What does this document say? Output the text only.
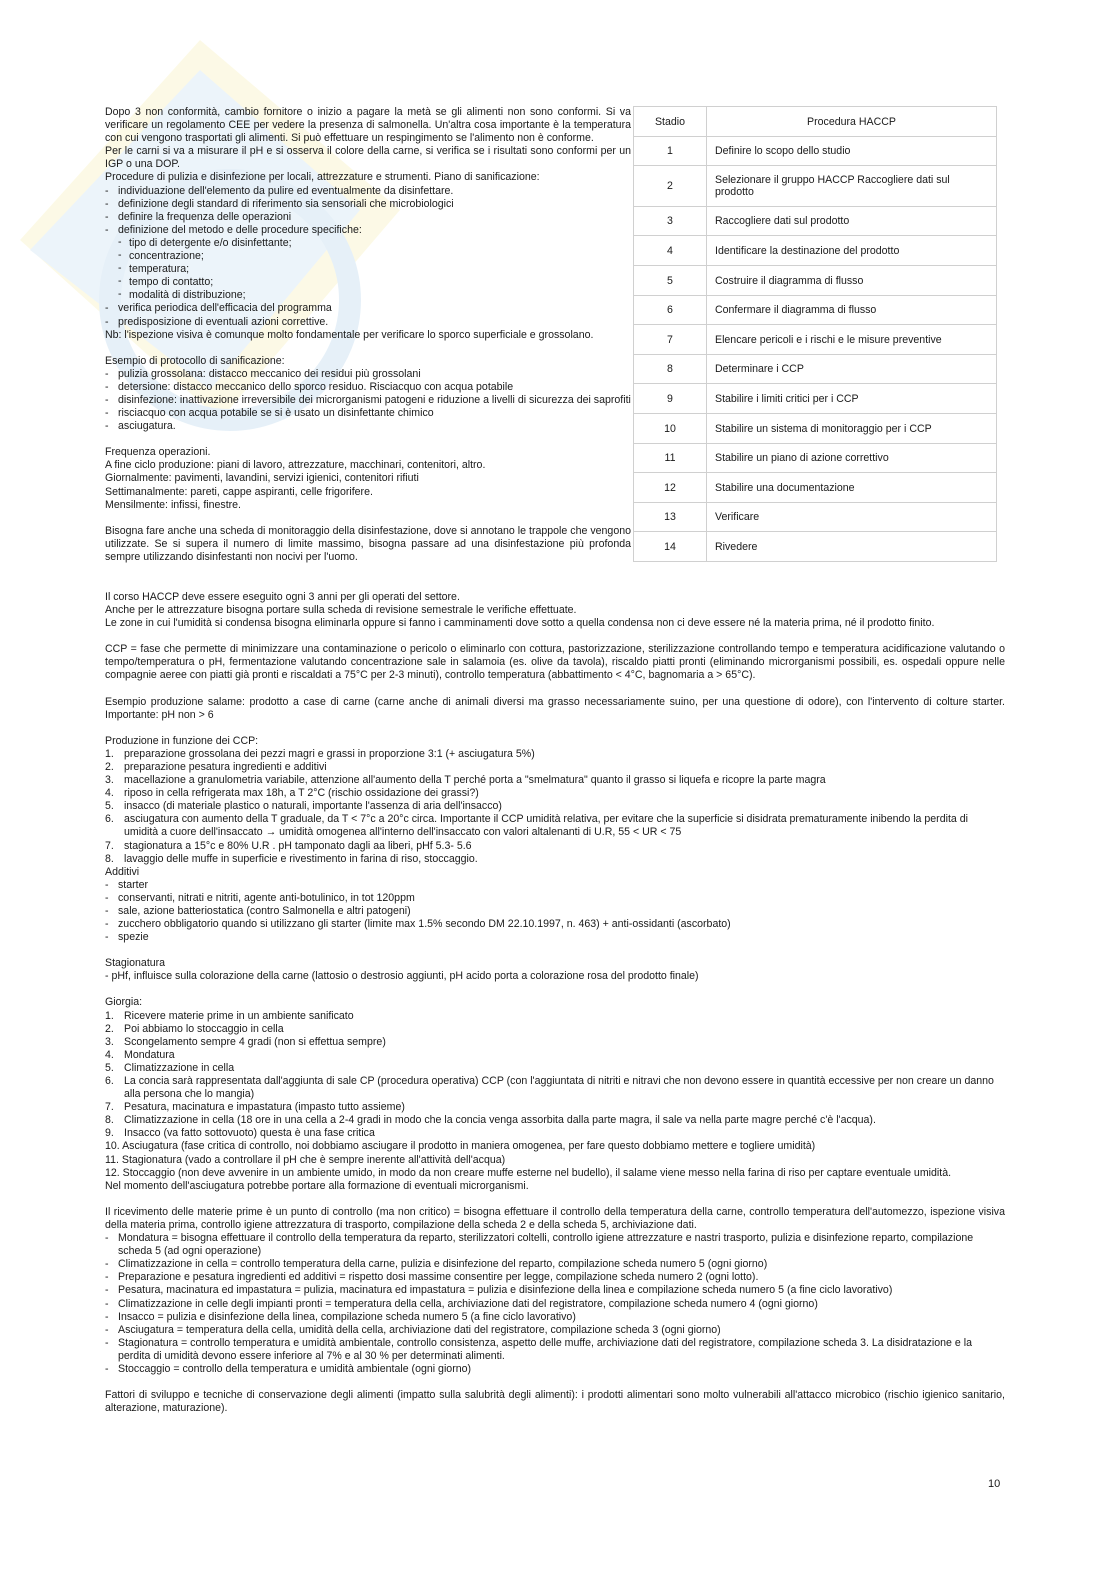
Dopo 3 non conformità, cambio fornitore o inizio a pagare la metà se gli alimenti non sono conformi. Si va verificare un regolamento CEE per vedere la presenza di salmonella. Un'altra cosa importante è la temperatura con cui vengono trasportati gli alimenti. Si può effettuare un respingimento se l'alimento non è conforme.

Per le carni si va a misurare il pH e si osserva il colore della carne, si verifica se i risultati sono conformi per un IGP o una DOP.

Procedure di pulizia e disinfezione per locali, attrezzature e strumenti. Piano di sanificazione:

- individuazione dell'elemento da pulire ed eventualmente da disinfettare.
- definizione degli standard di riferimento sia sensoriali che microbiologici
- definire la frequenza delle operazioni
- definizione del metodo e delle procedure specifiche:
- tipo di detergente e/o disinfettante;
- concentrazione;
- temperatura;
- tempo di contatto;
- modalità di distribuzione;
- verifica periodica dell'efficacia del programma
- predisposizione di eventuali azioni correttive.

Nb: l'ispezione visiva è comunque molto fondamentale per verificare lo sporco superficiale e grossolano.

Esempio di protocollo di sanificazione:

- pulizia grossolana: distacco meccanico dei residui più grossolani
- detersione: distacco meccanico dello sporco residuo. Risciacquo con acqua potabile
- disinfezione: inattivazione irreversibile dei microrganismi patogeni e riduzione a livelli di sicurezza dei saprofiti
- risciacquo con acqua potabile se si è usato un disinfettante chimico
- asciugatura.

Frequenza operazioni.

A fine ciclo produzione: piani di lavoro, attrezzature, macchinari, contenitori, altro.

Giornalmente: pavimenti, lavandini, servizi igienici, contenitori rifiuti

Settimanalmente: pareti, cappe aspiranti, celle frigorifere.

Mensilmente: infissi, finestre.

Bisogna fare anche una scheda di monitoraggio della disinfestazione, dove si annotano le trappole che vengono utilizzate. Se si supera il numero di limite massimo, bisogna passare ad una disinfestazione più profonda sempre utilizzando disinfestanti non nocivi per l'uomo.

Stadio	Procedura HACCP
1	Definire lo scopo dello studio
2	Selezionare il gruppo HACCP Raccogliere dati sul prodotto
3	Raccogliere dati sul prodotto
4	Identificare la destinazione del prodotto
5	Costruire il diagramma di flusso
6	Confermare il diagramma di flusso
7	Elencare pericoli e i rischi e le misure preventive
8	Determinare i CCP
9	Stabilire i limiti critici per i CCP
10	Stabilire un sistema di monitoraggio per i CCP
11	Stabilire un piano di azione correttivo
12	Stabilire una documentazione
13	Verificare
14	Rivedere

Il corso HACCP deve essere eseguito ogni 3 anni per gli operati del settore.

Anche per le attrezzature bisogna portare sulla scheda di revisione semestrale le verifiche effettuate.

Le zone in cui l'umidità si condensa bisogna eliminarla oppure si fanno i camminamenti dove sotto a quella condensa non ci deve essere né la materia prima, né il prodotto finito.

CCP = fase che permette di minimizzare una contaminazione o pericolo o eliminarlo con cottura, pastorizzazione, sterilizzazione controllando tempo e temperatura acidificazione valutando o tempo/temperatura o pH, fermentazione valutando concentrazione sale in salamoia (es. olive da tavola), riscaldo piatti pronti (eliminando microrganismi possibili, es. ospedali oppure nelle compagnie aeree con piatti già pronti e riscaldati a 75°C per 2-3 minuti), controllo temperatura (abbattimento < 4°C, bagnomaria a > 65°C).

Esempio produzione salame: prodotto a case di carne (carne anche di animali diversi ma grasso necessariamente suino, per una questione di odore), con l'intervento di colture starter. Importante: pH non > 6

Produzione in funzione dei CCP:

1. preparazione grossolana dei pezzi magri e grassi in proporzione 3:1 (+ asciugatura 5%)
2. preparazione pesatura ingredienti e additivi
3. macellazione a granulometria variabile, attenzione all'aumento della T perché porta a "smelmatura" quanto il grasso si liquefa e ricopre la parte magra
4. riposo in cella refrigerata max 18h, a T 2°C (rischio ossidazione dei grassi?)
5. insacco (di materiale plastico o naturali, importante l'assenza di aria dell'insacco)
6. asciugatura con aumento della T graduale, da T < 7°c a 20°c circa. Importante il CCP umidità relativa, per evitare che la superficie si disidrata prematuramente inibendo la perdita di umidità a cuore dell'insaccato → umidità omogenea all'interno dell'insaccato con valori altalenanti di U.R, 55 < UR < 75
7. stagionatura a 15°c e 80% U.R . pH tamponato dagli aa liberi, pHf 5.3- 5.6
8. lavaggio delle muffe in superficie e rivestimento in farina di riso, stoccaggio.

Additivi

- starter
- conservanti, nitrati e nitriti, agente anti-botulinico, in tot 120ppm
- sale, azione batteriostatica (contro Salmonella e altri patogeni)
- zucchero obbligatorio quando si utilizzano gli starter (limite max 1.5% secondo DM 22.10.1997, n. 463) + anti-ossidanti (ascorbato)
- spezie

Stagionatura

- pHf, influisce sulla colorazione della carne (lattosio o destrosio aggiunti, pH acido porta a colorazione rosa del prodotto finale)

Giorgia:

1. Ricevere materie prime in un ambiente sanificato
2. Poi abbiamo lo stoccaggio in cella
3. Scongelamento sempre 4 gradi (non si effettua sempre)
4. Mondatura
5. Climatizzazione in cella
6. La concia sarà rappresentata dall'aggiunta di sale CP (procedura operativa) CCP (con l'aggiuntata di nitriti e nitravi che non devono essere in quantità eccessive per non creare un danno alla persona che lo mangia)
7. Pesatura, macinatura e impastatura (impasto tutto assieme)
8. Climatizzazione in cella (18 ore in una cella a 2-4 gradi in modo che la concia venga assorbita dalla parte magra, il sale va nella parte magre perché c'è l'acqua).
9. Insacco (va fatto sottovuoto) questa è una fase critica

10. Asciugatura (fase critica di controllo, noi dobbiamo asciugare il prodotto in maniera omogenea, per fare questo dobbiamo mettere e togliere umidità)

11. Stagionatura (vado a controllare il pH che è sempre inerente all'attività dell'acqua)

12. Stoccaggio (non deve avvenire in un ambiente umido, in modo da non creare muffe esterne nel budello), il salame viene messo nella farina di riso per captare eventuale umidità.

Nel momento dell'asciugatura potrebbe portare alla formazione di eventuali microrganismi.

Il ricevimento delle materie prime è un punto di controllo (ma non critico) = bisogna effettuare il controllo della temperatura della carne, controllo temperatura dell'automezzo, ispezione visiva della materia prima, controllo igiene attrezzatura di trasporto, compilazione della scheda 2 e della scheda 5, archiviazione dati.

- Mondatura = bisogna effettuare il controllo della temperatura da reparto, sterilizzatori coltelli, controllo igiene attrezzature e nastri trasporto, pulizia e disinfezione reparto, compilazione scheda 5 (ad ogni operazione)
- Climatizzazione in cella = controllo temperatura della carne, pulizia e disinfezione del reparto, compilazione scheda numero 5 (ogni giorno)
- Preparazione e pesatura ingredienti ed additivi = rispetto dosi massime consentire per legge, compilazione scheda numero 2 (ogni lotto).
- Pesatura, macinatura ed impastatura = pulizia, macinatura ed impastatura = pulizia e disinfezione della linea e compilazione scheda numero 5 (a fine ciclo lavorativo)
- Climatizzazione in celle degli impianti pronti = temperatura della cella, archiviazione dati del registratore, compilazione scheda numero 4 (ogni giorno)
- Insacco = pulizia e disinfezione della linea, compilazione scheda numero 5 (a fine ciclo lavorativo)
- Asciugatura = temperatura della cella, umidità della cella, archiviazione dati del registratore, compilazione scheda 3 (ogni giorno)
- Stagionatura = controllo temperatura e umidità ambientale, controllo consistenza, aspetto delle muffe, archiviazione dati del registratore, compilazione scheda 3. La disidratazione e la perdita di umidità devono essere inferiore al 7% e al 30 % per determinati alimenti.
- Stoccaggio = controllo della temperatura e umidità ambientale (ogni giorno)

Fattori di sviluppo e tecniche di conservazione degli alimenti (impatto sulla salubrità degli alimenti): i prodotti alimentari sono molto vulnerabili all'attacco microbico (rischio igienico sanitario, alterazione, maturazione).

10
